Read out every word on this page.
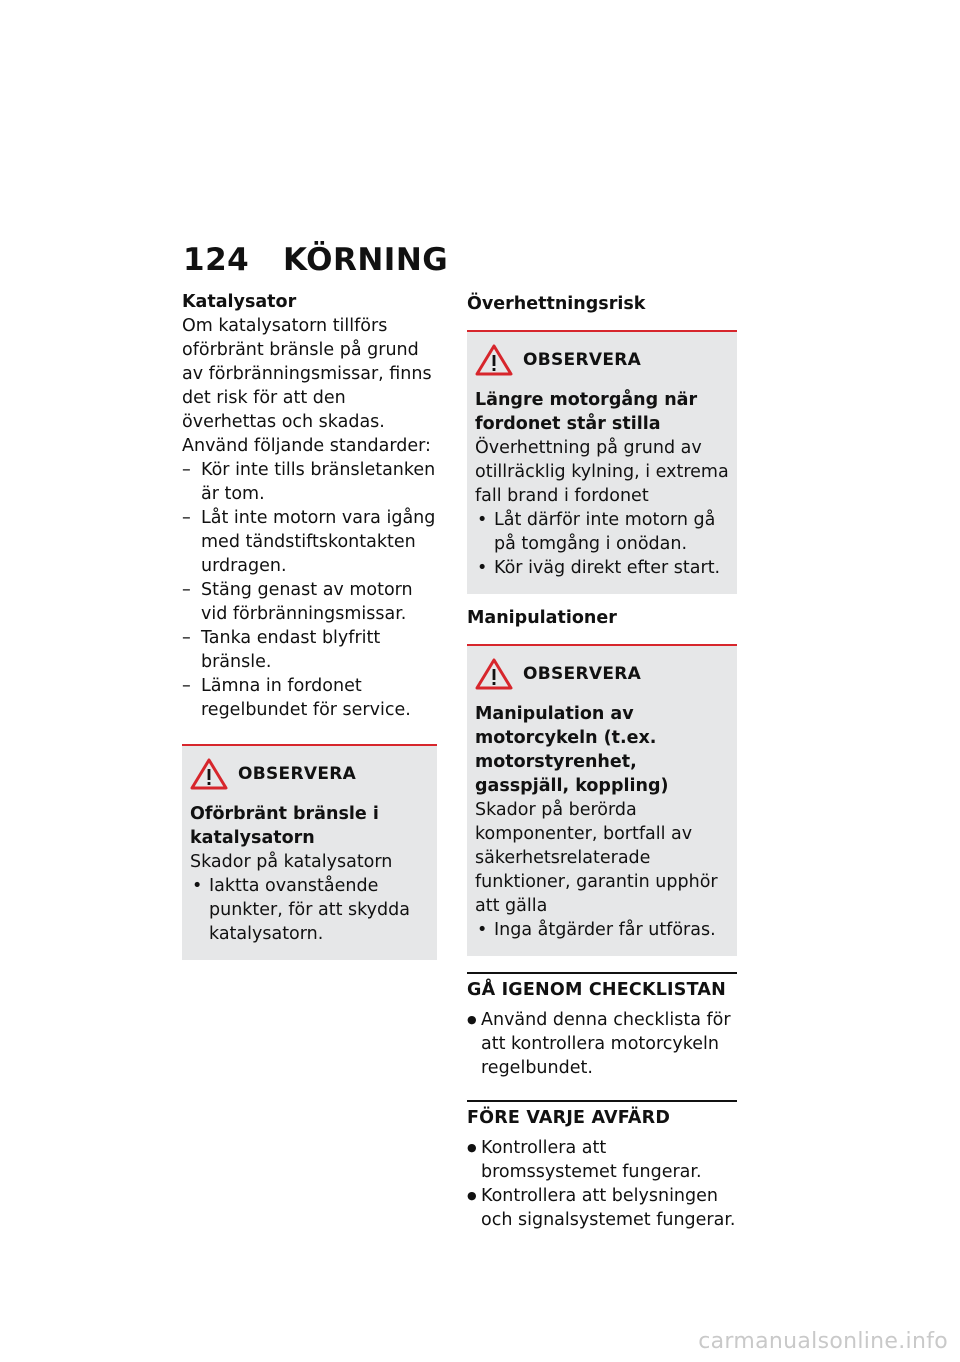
124 KÖRNING
Katalysator

Om katalysatorn tillförs oförbränt bränsle på grund av förbränningsmissar, finns det risk för att den överhettas och skadas.

Använd följande standarder:

– Kör inte tills bränsletanken är tom.
– Låt inte motorn vara igång med tändstiftskontakten urdragen.
– Stäng genast av motorn vid förbränningsmissar.
– Tanka endast blyfritt bränsle.
– Lämna in fordonet regelbundet för service.
OBSERVERA
Oförbränt bränsle i katalysatorn
Skador på katalysatorn
• Iaktta ovanstående punkter, för att skydda katalysatorn.
Överhettningsrisk
OBSERVERA
Längre motorgång när fordonet står stilla
Överhettning på grund av otillräcklig kylning, i extrema fall brand i fordonet
• Låt därför inte motorn gå på tomgång i onödan.
• Kör iväg direkt efter start.
Manipulationer
OBSERVERA
Manipulation av motorcykeln (t.ex. motorstyrenhet, gasspjäll, koppling)
Skador på berörda komponenter, bortfall av säkerhetsrelaterade funktioner, garantin upphör att gälla
• Inga åtgärder får utföras.
GÅ IGENOM CHECKLISTAN
● Använd denna checklista för att kontrollera motorcykeln regelbundet.
FÖRE VARJE AVFÄRD
● Kontrollera att bromssystemet fungerar.
● Kontrollera att belysningen och signalsystemet fungerar.
carmanualsonline.info
